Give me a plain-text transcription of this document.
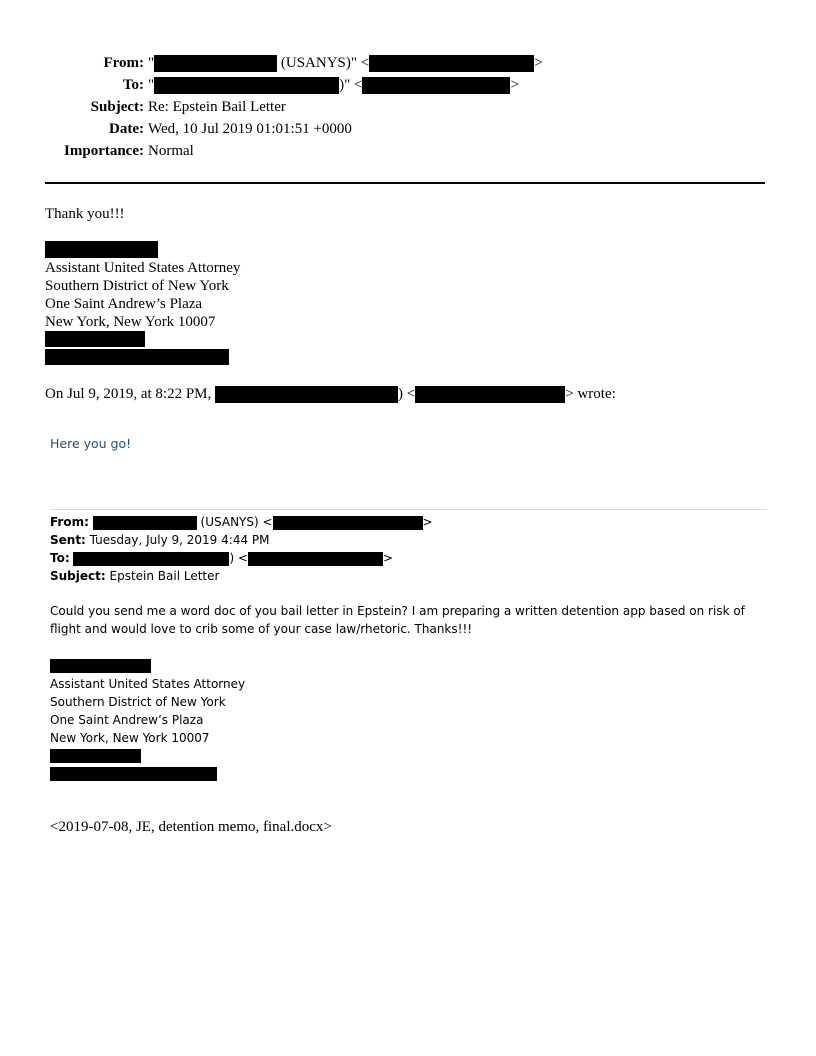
From: "	(USANYS)" <	>
To: "	)" <	>
Subject: Re: Epstein Bail Letter
Date: Wed, 10 Jul 2019 01:01:51 +0000
Importance: Normal
Thank you!!!
Assistant United States Attorney
Southern District of New York
One Saint Andrew’s Plaza
New York, New York 10007
On Jul 9, 2019, at 8:22 PM,	) <	> wrote:
Here you go!
From:	(USANYS) <	>
Sent: Tuesday, July 9, 2019 4:44 PM
To:	) <	>
Subject: Epstein Bail Letter
Could you send me a word doc of you bail letter in Epstein? I am preparing a written detention app based on risk of
flight and would love to crib some of your case law/rhetoric. Thanks!!!
Assistant United States Attorney
Southern District of New York
One Saint Andrew’s Plaza
New York, New York 10007
<2019-07-08, JE, detention memo, final.docx>
